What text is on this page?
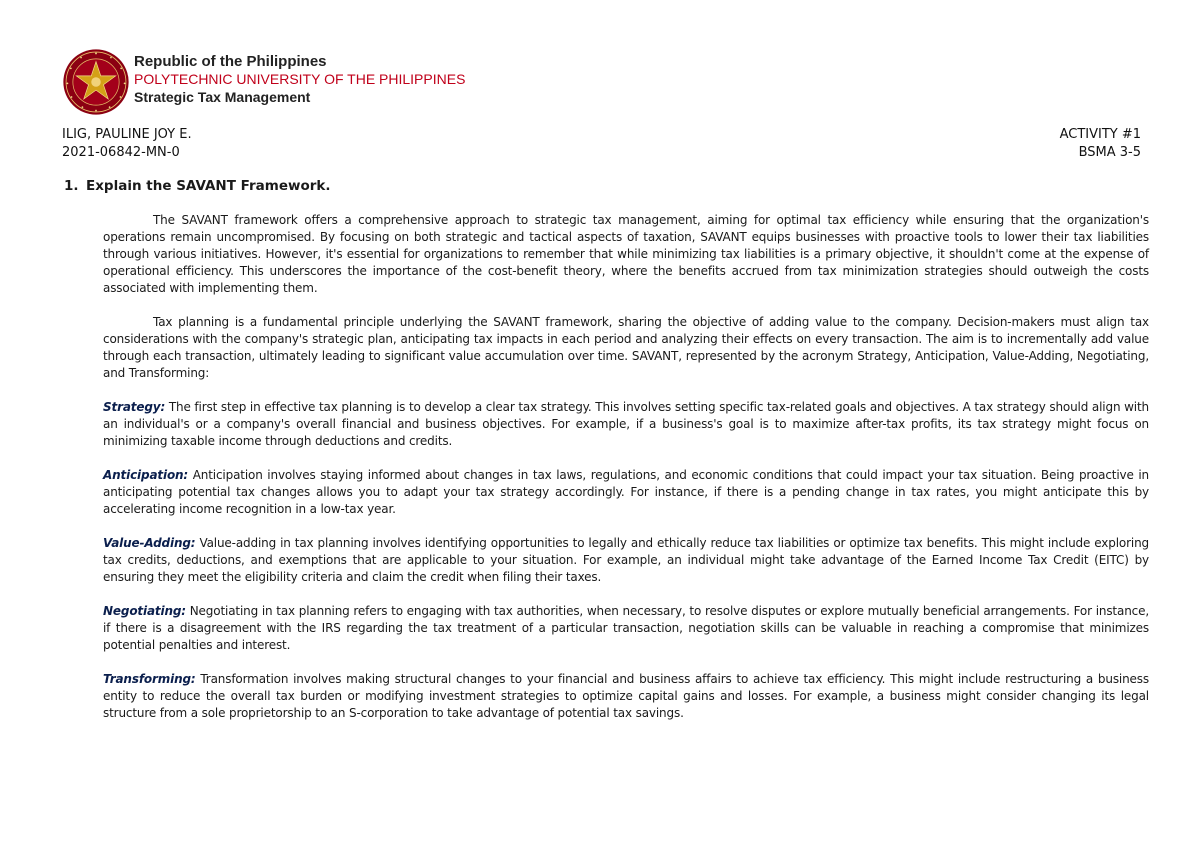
Republic of the Philippines
POLYTECHNIC UNIVERSITY OF THE PHILIPPINES
Strategic Tax Management
ILIG, PAULINE JOY E.
2021-06842-MN-0
ACTIVITY #1
BSMA 3-5
1. Explain the SAVANT Framework.

The SAVANT framework offers a comprehensive approach to strategic tax management, aiming for optimal tax efficiency while ensuring that the organization's operations remain uncompromised. By focusing on both strategic and tactical aspects of taxation, SAVANT equips businesses with proactive tools to lower their tax liabilities through various initiatives. However, it's essential for organizations to remember that while minimizing tax liabilities is a primary objective, it shouldn't come at the expense of operational efficiency. This underscores the importance of the cost-benefit theory, where the benefits accrued from tax minimization strategies should outweigh the costs associated with implementing them.

Tax planning is a fundamental principle underlying the SAVANT framework, sharing the objective of adding value to the company. Decision-makers must align tax considerations with the company's strategic plan, anticipating tax impacts in each period and analyzing their effects on every transaction. The aim is to incrementally add value through each transaction, ultimately leading to significant value accumulation over time. SAVANT, represented by the acronym Strategy, Anticipation, Value-Adding, Negotiating, and Transforming:

Strategy: The first step in effective tax planning is to develop a clear tax strategy. This involves setting specific tax-related goals and objectives. A tax strategy should align with an individual's or a company's overall financial and business objectives. For example, if a business's goal is to maximize after-tax profits, its tax strategy might focus on minimizing taxable income through deductions and credits.

Anticipation: Anticipation involves staying informed about changes in tax laws, regulations, and economic conditions that could impact your tax situation. Being proactive in anticipating potential tax changes allows you to adapt your tax strategy accordingly. For instance, if there is a pending change in tax rates, you might anticipate this by accelerating income recognition in a low-tax year.

Value-Adding: Value-adding in tax planning involves identifying opportunities to legally and ethically reduce tax liabilities or optimize tax benefits. This might include exploring tax credits, deductions, and exemptions that are applicable to your situation. For example, an individual might take advantage of the Earned Income Tax Credit (EITC) by ensuring they meet the eligibility criteria and claim the credit when filing their taxes.

Negotiating: Negotiating in tax planning refers to engaging with tax authorities, when necessary, to resolve disputes or explore mutually beneficial arrangements. For instance, if there is a disagreement with the IRS regarding the tax treatment of a particular transaction, negotiation skills can be valuable in reaching a compromise that minimizes potential penalties and interest.

Transforming: Transformation involves making structural changes to your financial and business affairs to achieve tax efficiency. This might include restructuring a business entity to reduce the overall tax burden or modifying investment strategies to optimize capital gains and losses. For example, a business might consider changing its legal structure from a sole proprietorship to an S-corporation to take advantage of potential tax savings.
